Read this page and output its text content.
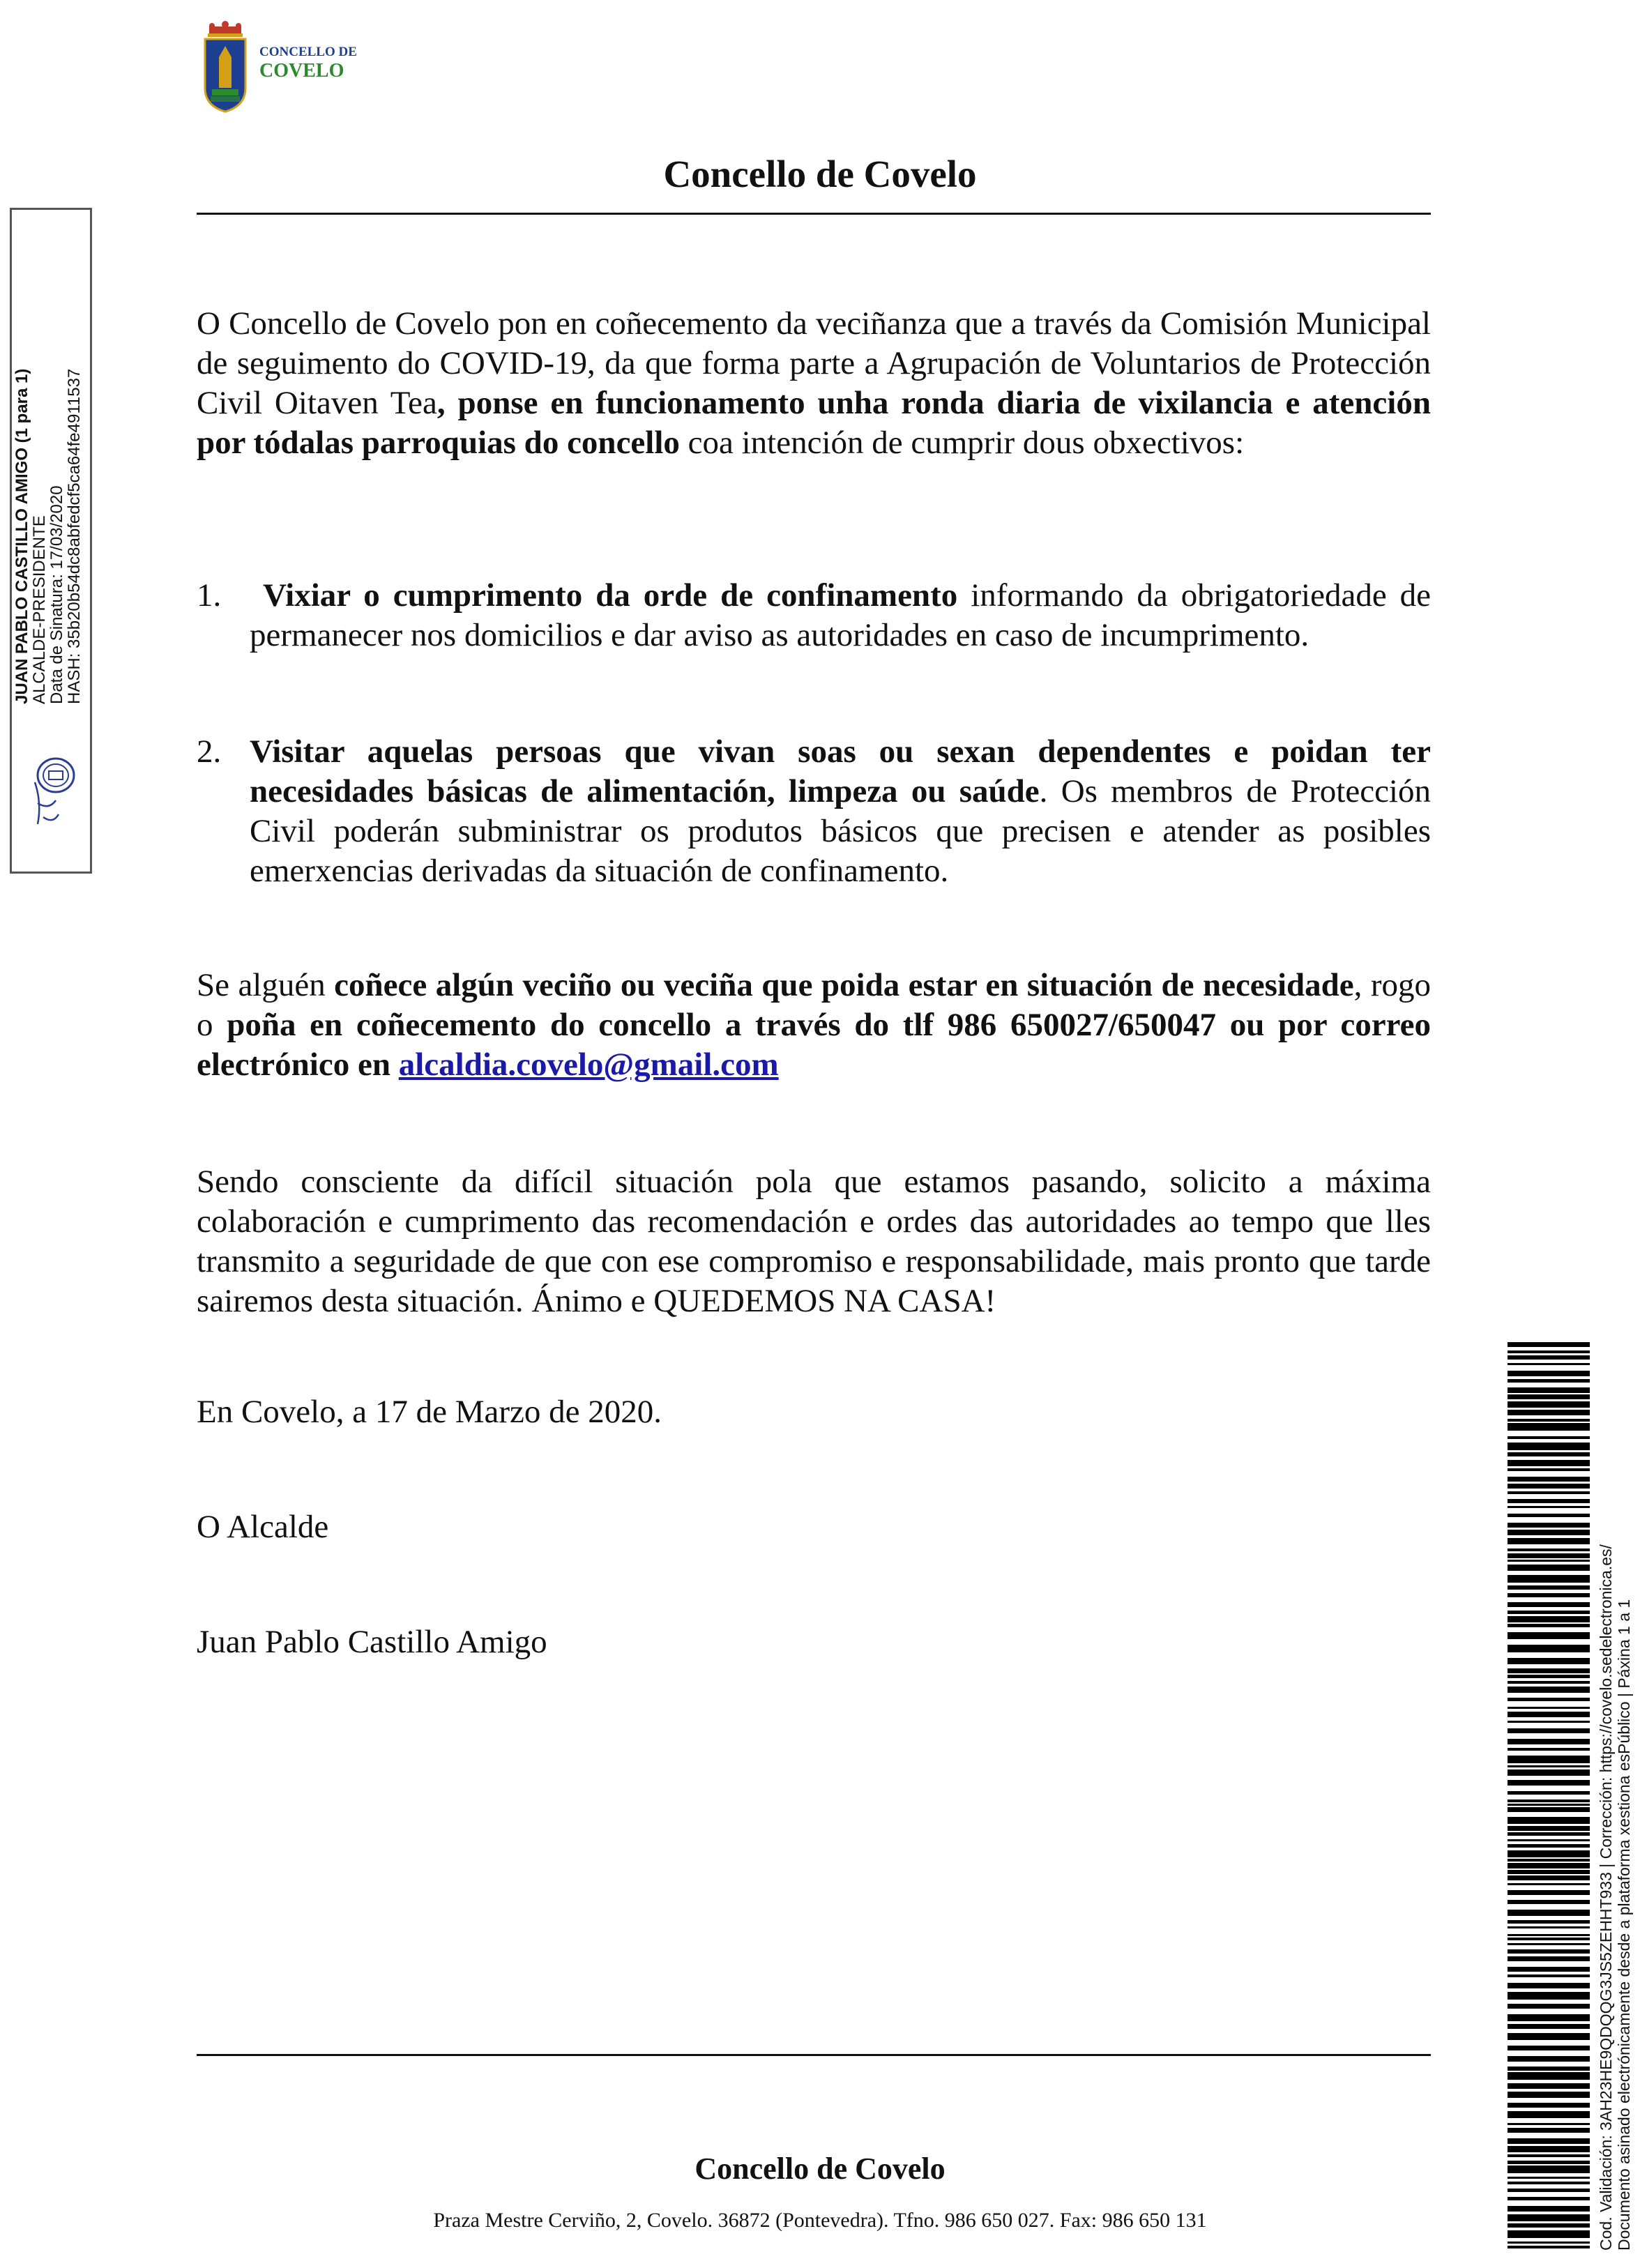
CONCELLO DE
COVELO
Concello de Covelo
O Concello de Covelo pon en coñecemento da veciñanza que a través da Comisión Municipal de seguimento do COVID-19, da que forma parte a Agrupación de Voluntarios de Protección Civil Oitaven Tea, ponse en funcionamento unha ronda diaria de vixilancia e atención por tódalas parroquias do concello coa intención de cumprir dous obxectivos:
1.	Vixiar o cumprimento da orde de confinamento informando da obrigatoriedade de permanecer nos domicilios e dar aviso as autoridades en caso de incumprimento.
2. Visitar aquelas persoas que vivan soas ou sexan dependentes e poidan ter necesidades básicas de alimentación, limpeza ou saúde. Os membros de Protección Civil poderán subministrar os produtos básicos que precisen e atender as posibles emerxencias derivadas da situación de confinamento.
Se alguén coñece algún veciño ou veciña que poida estar en situación de necesidade, rogo o poña en coñecemento do concello a través do tlf 986 650027/650047 ou por correo electrónico en alcaldia.covelo@gmail.com
Sendo consciente da difícil situación pola que estamos pasando, solicito a máxima colaboración e cumprimento das recomendación e ordes das autoridades ao tempo que lles transmito a seguridade de que con ese compromiso e responsabilidade, mais pronto que tarde sairemos desta situación. Ánimo e QUEDEMOS NA CASA!
En Covelo, a 17 de Marzo de 2020.
O Alcalde
Juan Pablo Castillo Amigo
Concello de Covelo
Praza Mestre Cerviño, 2, Covelo. 36872 (Pontevedra). Tfno. 986 650 027. Fax: 986 650 131
JUAN PABLO CASTILLO AMIGO (1 para 1)
ALCALDE-PRESIDENTE
Data de Sinatura: 17/03/2020
HASH: 35b20b54dc8abfedcf5ca64fe4911537
Cod. Validación: 3AH23HE9QDQQG3JS5ZEHHT933 | Corrección: https://covelo.sedelectronica.es/ Documento asinado electrónicamente desde a plataforma xestiona esPúblico | Páxina 1 a 1
